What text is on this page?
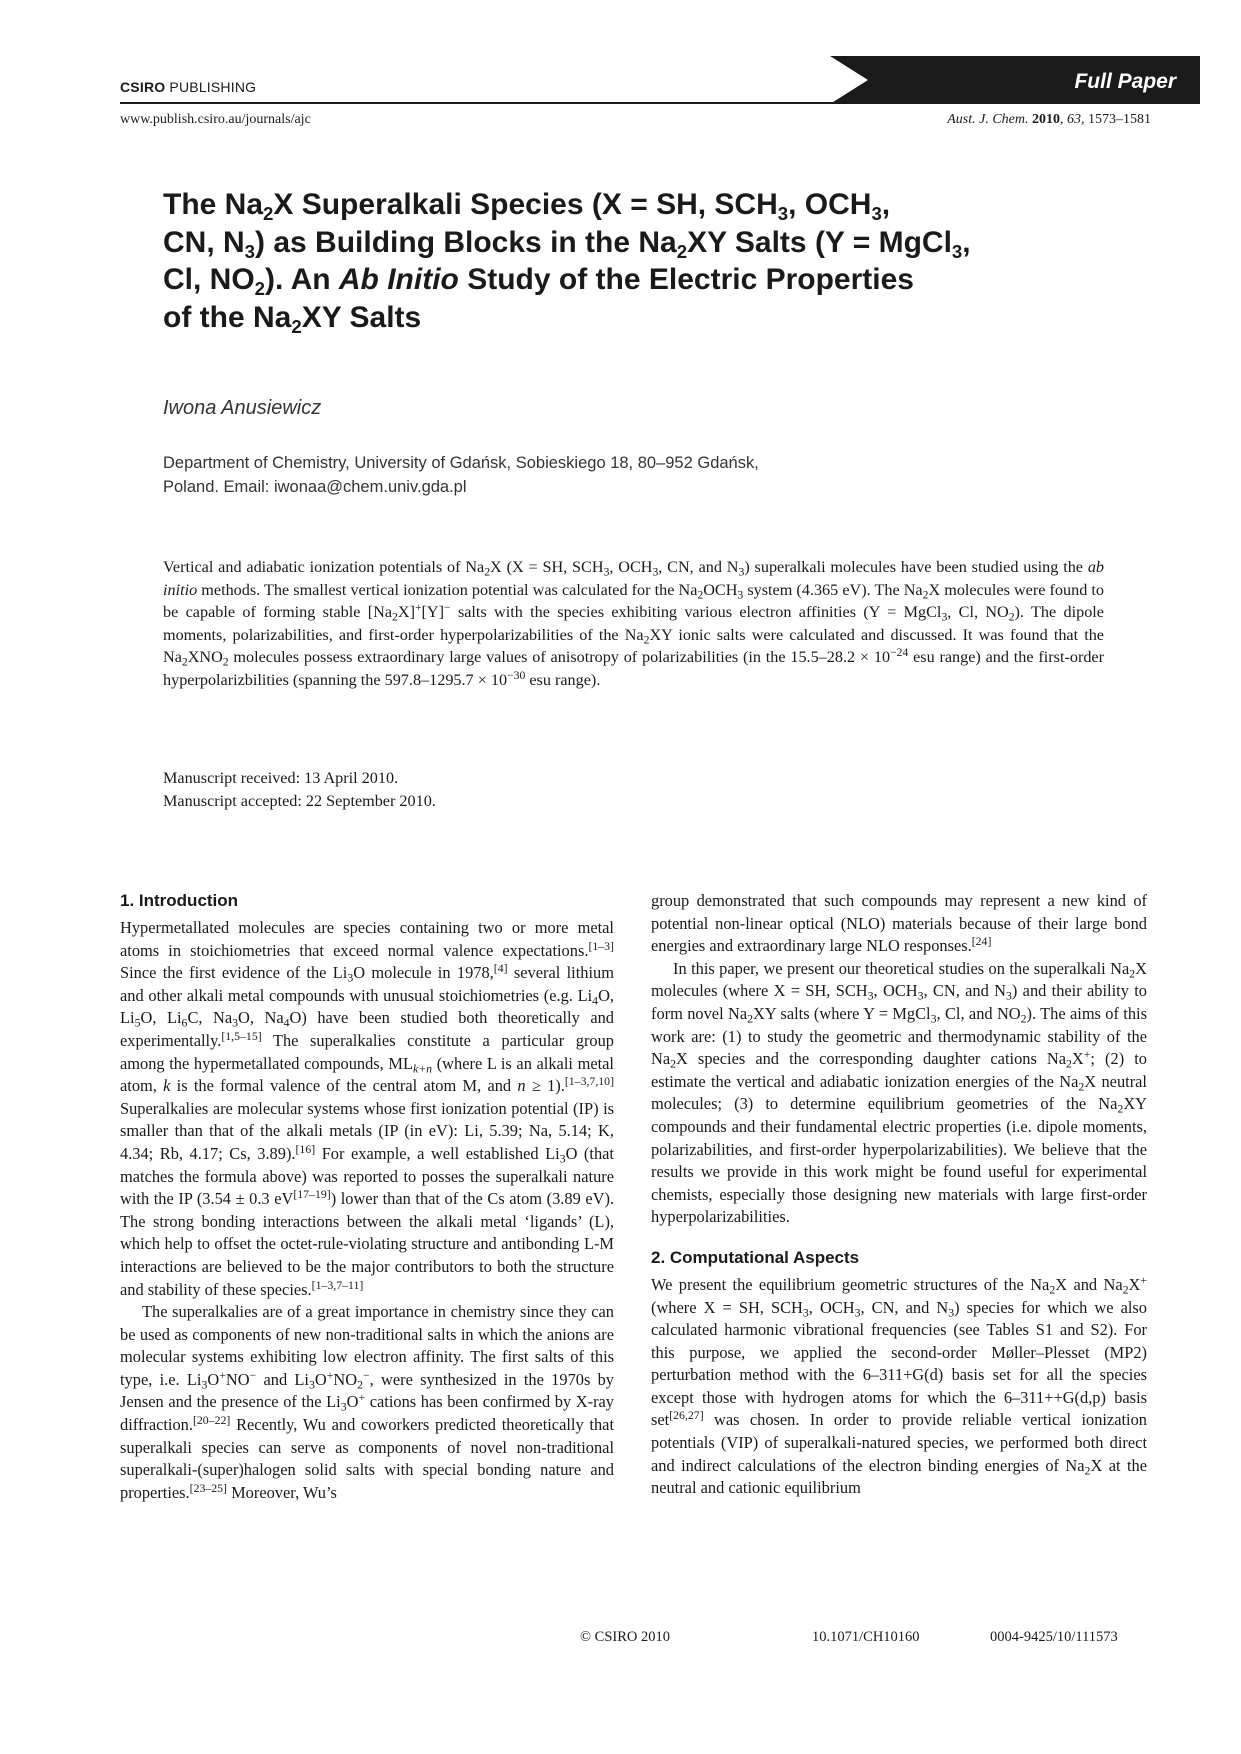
CSIRO PUBLISHING	Full Paper
www.publish.csiro.au/journals/ajc	Aust. J. Chem. 2010, 63, 1573–1581
The $Na_2X$ Superalkali Species (X = SH, $SCH_3$, $OCH_3$,
CN, $N_3$) as Building Blocks in the $Na_2XY$ Salts (Y = MgCl$_3$,
Cl, $NO_2$). An Ab Initio Study of the Electric Properties
of the $Na_2XY$ Salts
Iwona Anusiewicz
Department of Chemistry, University of Gdańsk, Sobieskiego 18, 80–952 Gdańsk,
Poland. Email: iwonaa@chem.univ.gda.pl

Vertical and adiabatic ionization potentials of $Na_2X$ (X = SH, $SCH_3$, $OCH_3$, CN, and $N_3$) superalkali molecules have been studied using the ab initio methods. The smallest vertical ionization potential was calculated for the $Na_2OCH_3$ system (4.365 eV). The $Na_2X$ molecules were found to be capable of forming stable $[Na_2X]^+[Y]^-$ salts with the species exhibiting various electron affinities (Y = MgCl$_3$, Cl, $NO_2$). The dipole moments, polarizabilities, and first-order hyperpolarizabilities of the $Na_2XY$ ionic salts were calculated and discussed. It was found that the $Na_2XNO_2$ molecules possess extraordinary large values of anisotropy of polarizabilities (in the $15.5-28.2 \times 10^{-24}$ esu range) and the first-order hyperpolarizbilities (spanning the $597.8-1295.7 \times 10^{-30}$ esu range).

Manuscript received: 13 April 2010.
Manuscript accepted: 22 September 2010.
1. Introduction

Hypermetallated molecules are species containing two or more metal atoms in stoichiometries that exceed normal valence expectations.[1–3] Since the first evidence of the $Li_3O$ molecule in 1978,[4] several lithium and other alkali metal compounds with unusual stoichiometries (e.g. $Li_4O$, $Li_5O$, $Li_6C$, $Na_3O$, $Na_4O$) have been studied both theoretically and experimentally.[1,5–15] The superalkalies constitute a particular group among the hypermetallated compounds, $ML_{k+n}$ (where L is an alkali metal atom, k is the formal valence of the central atom M, and n ≥ 1).[1–3,7,10] Superalkalies are molecular systems whose first ionization potential (IP) is smaller than that of the alkali metals (IP (in eV): Li, 5.39; Na, 5.14; K, 4.34; Rb, 4.17; Cs, 3.89).[16] For example, a well established $Li_3O$ (that matches the formula above) was reported to posses the superalkali nature with the IP (3.54 ± 0.3 eV[17–19]) lower than that of the Cs atom (3.89 eV). The strong bonding interactions between the alkali metal ‘ligands’ (L), which help to offset the octet-rule-violating structure and antibonding L-M interactions are believed to be the major contributors to both the structure and stability of these species.[1–3,7–11]

The superalkalies are of a great importance in chemistry since they can be used as components of new non-traditional salts in which the anions are molecular systems exhibiting low electron affinity. The first salts of this type, i.e. $Li_3O^+NO^-$ and $Li_3O^+NO_2^-$, were synthesized in the 1970s by Jensen and the presence of the $Li_3O^+$ cations has been confirmed by X-ray diffraction.[20–22] Recently, Wu and coworkers predicted theoretically that superalkali species can serve as components of novel non-traditional superalkali-(super)halogen solid salts with special bonding nature and properties.[23–25] Moreover, Wu’s

group demonstrated that such compounds may represent a new kind of potential non-linear optical (NLO) materials because of their large bond energies and extraordinary large NLO responses.[24]

In this paper, we present our theoretical studies on the superalkali $Na_2X$ molecules (where X = SH, $SCH_3$, $OCH_3$, CN, and $N_3$) and their ability to form novel $Na_2XY$ salts (where Y = MgCl$_3$, Cl, and $NO_2$). The aims of this work are: (1) to study the geometric and thermodynamic stability of the $Na_2X$ species and the corresponding daughter cations $Na_2X^+$; (2) to estimate the vertical and adiabatic ionization energies of the $Na_2X$ neutral molecules; (3) to determine equilibrium geometries of the $Na_2XY$ compounds and their fundamental electric properties (i.e. dipole moments, polarizabilities, and first-order hyperpolarizabilities). We believe that the results we provide in this work might be found useful for experimental chemists, especially those designing new materials with large first-order hyperpolarizabilities.

2. Computational Aspects

We present the equilibrium geometric structures of the $Na_2X$ and $Na_2X^+$ (where X = SH, $SCH_3$, $OCH_3$, CN, and $N_3$) species for which we also calculated harmonic vibrational frequencies (see Tables S1 and S2). For this purpose, we applied the second-order Møller–Plesset (MP2) perturbation method with the 6–311+G(d) basis set for all the species except those with hydrogen atoms for which the 6–311++G(d,p) basis set[26,27] was chosen. In order to provide reliable vertical ionization potentials (VIP) of superalkali-natured species, we performed both direct and indirect calculations of the electron binding energies of $Na_2X$ at the neutral and cationic equilibrium

© CSIRO 2010	10.1071/CH10160	0004-9425/10/111573
